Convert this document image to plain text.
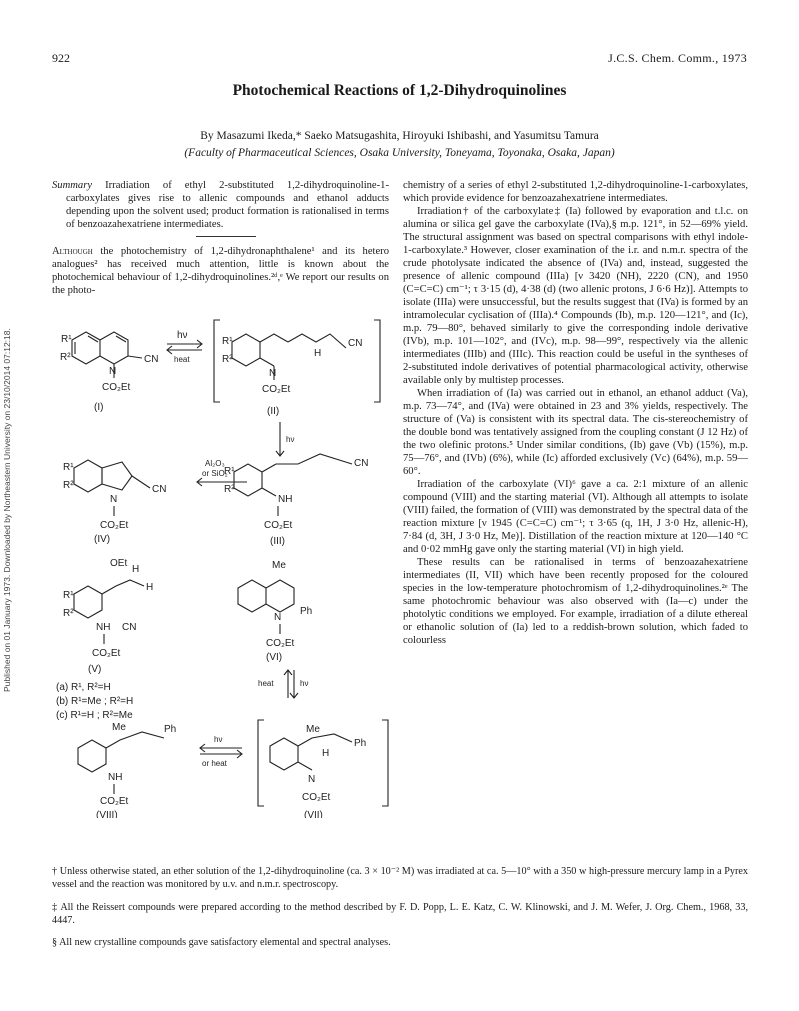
922	J.C.S. Chem. Comm., 1973
Published on 01 January 1973. Downloaded by Northeastern University on 23/10/2014 07:12:18.
Photochemical Reactions of 1,2-Dihydroquinolines
By Masazumi Ikeda,* Saeko Matsugashita, Hiroyuki Ishibashi, and Yasumitsu Tamura
(Faculty of Pharmaceutical Sciences, Osaka University, Toneyama, Toyonaka, Osaka, Japan)

Summary Irradiation of ethyl 2-substituted 1,2-dihydroquinoline-1-carboxylates gives rise to allenic compounds and ethanol adducts depending upon the solvent used; product formation is rationalised in terms of benzoazahexatriene intermediates.

Although the photochemistry of 1,2-dihydronaphthalene¹ and its hetero analogues² has received much attention, little is known about the photochemical behaviour of 1,2-dihydroquinolines.²ᵈ,ᵉ We report our results on the photo-

R¹
R²
N
CN
CO₂Et
(I)
hν
heat
R¹
R²
N
H
CN
CO₂Et
(II)
hν
R¹
R²
NH
CN
CO₂Et
(III)
Al₂O₃
or SiO₂
R¹
R²
N
CN
CO₂Et
(IV)
OEt
H
H
R¹
R²
NH CN
CO₂Et
(V)
Me
N
Ph
CO₂Et
(VI)
heat	hν
(a) R¹, R²=H
(b) R¹=Me ; R²=H
(c) R¹=H ; R²=Me
Me	Ph
NH
CO₂Et
(VIII)
hν
or heat
Me
H
Ph
N
CO₂Et
(VII)

chemistry of a series of ethyl 2-substituted 1,2-dihydroquinoline-1-carboxylates, which provide evidence for benzoazahexatriene intermediates.

Irradiation† of the carboxylate‡ (Ia) followed by evaporation and t.l.c. on alumina or silica gel gave the carboxylate (IVa),§ m.p. 121°, in 52—69% yield. The structural assignment was based on spectral comparisons with ethyl indole-1-carboxylate.³ However, closer examination of the i.r. and n.m.r. spectra of the crude photolysate indicated the absence of (IVa) and, instead, suggested the presence of allenic compound (IIIa) [ν 3420 (NH), 2220 (CN), and 1950 (C=C=C) cm⁻¹; τ 3·15 (d), 4·38 (d) (two allenic protons, J 6·6 Hz)]. Attempts to isolate (IIIa) were unsuccessful, but the results suggest that (IVa) is formed by an intramolecular cyclisation of (IIIa).⁴ Compounds (Ib), m.p. 120—121°, and (Ic), m.p. 79—80°, behaved similarly to give the corresponding indole derivative (IVb), m.p. 101—102°, and (IVc), m.p. 98—99°, respectively via the allenic intermediates (IIIb) and (IIIc). This reaction could be useful in the syntheses of 2-substituted indole derivatives of potential pharmacological activity, otherwise available only by multistep processes.

When irradiation of (Ia) was carried out in ethanol, an ethanol adduct (Va), m.p. 73—74°, and (IVa) were obtained in 23 and 3% yields, respectively. The structure of (Va) is consistent with its spectral data. The cis-stereochemistry of the double bond was tentatively assigned from the coupling constant (J 12 Hz) of the two olefinic protons.⁵ Under similar conditions, (Ib) gave (Vb) (15%), m.p. 75—76°, and (IVb) (6%), while (Ic) afforded exclusively (Vc) (64%), m.p. 59—60°.

Irradiation of the carboxylate (VI)⁶ gave a ca. 2:1 mixture of an allenic compound (VIII) and the starting material (VI). Although all attempts to isolate (VIII) failed, the formation of (VIII) was demonstrated by the spectral data of the reaction mixture [ν 1945 (C=C=C) cm⁻¹; τ 3·65 (q, 1H, J 3·0 Hz, allenic-H), 7·84 (d, 3H, J 3·0 Hz, Me)]. Distillation of the reaction mixture at 120—140 °C and 0·02 mmHg gave only the starting material (VI) in high yield.

These results can be rationalised in terms of benzoazahexatriene intermediates (II, VII) which have been recently proposed for the coloured species in the low-temperature photochromism of 1,2-dihydroquinolines.²ᵉ The same photochromic behaviour was also observed with (Ia—c) under the photolytic conditions we employed. For example, irradiation of a dilute ethereal or ethanolic solution of (Ia) led to a reddish-brown solution, which faded to colourless

† Unless otherwise stated, an ether solution of the 1,2-dihydroquinoline (ca. 3 × 10⁻² M) was irradiated at ca. 5—10° with a 350 w high-pressure mercury lamp in a Pyrex vessel and the reaction was monitored by u.v. and n.m.r. spectroscopy.
‡ All the Reissert compounds were prepared according to the method described by F. D. Popp, L. E. Katz, C. W. Klinowski, and J. M. Wefer, J. Org. Chem., 1968, 33, 4447.
§ All new crystalline compounds gave satisfactory elemental and spectral analyses.
